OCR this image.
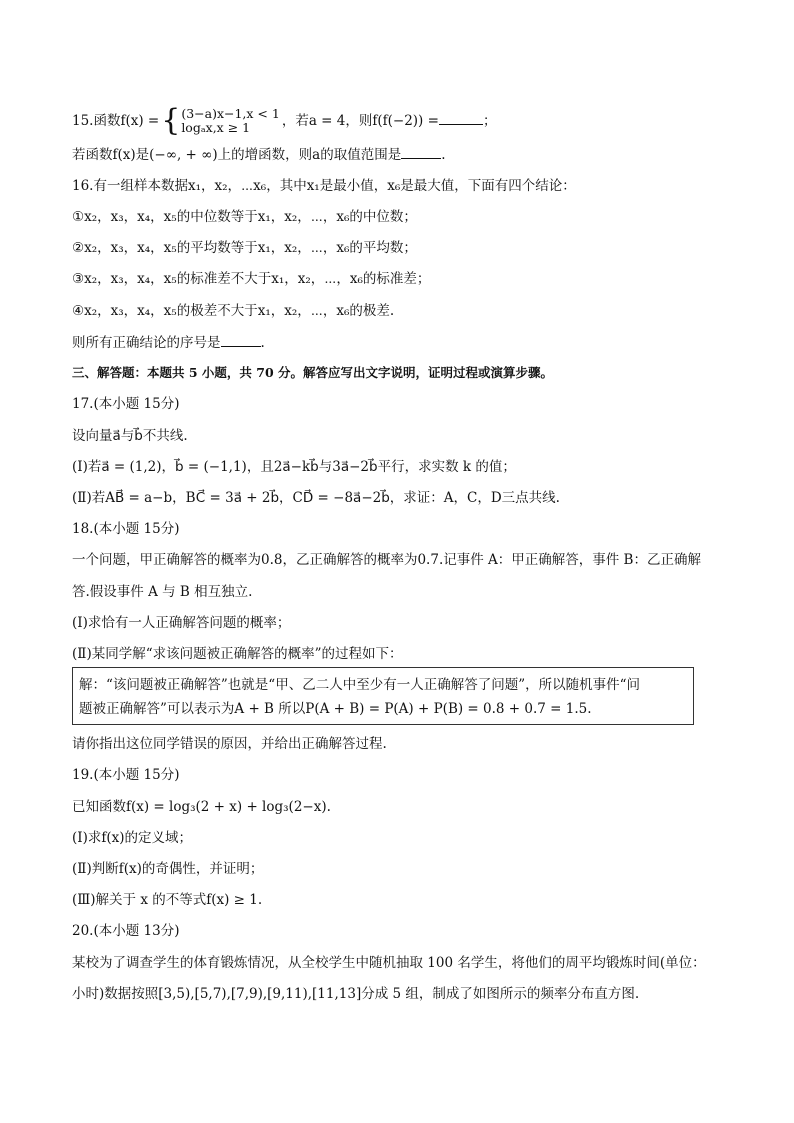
15.函数f(x) = { (3−a)x−1,x < 1
logₐx,x ≥ 1	，若a = 4，则f(f(−2)) =	；
若函数f(x)是(−∞, + ∞)上的增函数，则a的取值范围是	.
16.有一组样本数据x₁，x₂，⋯x₆，其中x₁是最小值，x₆是最大值，下面有四个结论：
①x₂，x₃，x₄，x₅的中位数等于x₁，x₂，⋯，x₆的中位数；
②x₂，x₃，x₄，x₅的平均数等于x₁，x₂，⋯，x₆的平均数；
③x₂，x₃，x₄，x₅的标准差不大于x₁，x₂，⋯，x₆的标准差；
④x₂，x₃，x₄，x₅的极差不大于x₁，x₂，⋯，x₆的极差.
则所有正确结论的序号是	.
三、解答题：本题共 5 小题，共 70 分。解答应写出文字说明，证明过程或演算步骤。
17.(本小题 15分)
设向量a⃗与b⃗不共线.
(Ⅰ)若a⃗ = (1,2)，b⃗ = (−1,1)，且2a⃗−kb⃗与3a⃗−2b⃗平行，求实数 k 的值；
(Ⅱ)若AB⃗ = a−b，BC⃗ = 3a⃗ + 2b⃗，CD⃗ = −8a⃗−2b⃗，求证：A，C，D三点共线.
18.(本小题 15分)
一个问题，甲正确解答的概率为0.8，乙正确解答的概率为0.7.记事件 A：甲正确解答，事件 B：乙正确解
答.假设事件 A 与 B 相互独立.
(Ⅰ)求恰有一人正确解答问题的概率；
(Ⅱ)某同学解“求该问题被正确解答的概率”的过程如下：
解：“该问题被正确解答”也就是“甲、乙二人中至少有一人正确解答了问题”，所以随机事件“问
题被正确解答”可以表示为A + B 所以P(A + B) = P(A) + P(B) = 0.8 + 0.7 = 1.5.
请你指出这位同学错误的原因，并给出正确解答过程.
19.(本小题 15分)
已知函数f(x) = log₃(2 + x) + log₃(2−x).
(Ⅰ)求f(x)的定义域；
(Ⅱ)判断f(x)的奇偶性，并证明；
(Ⅲ)解关于 x 的不等式f(x) ≥ 1.
20.(本小题 13分)
某校为了调查学生的体育锻炼情况，从全校学生中随机抽取 100 名学生，将他们的周平均锻炼时间(单位：
小时)数据按照[3,5),[5,7),[7,9),[9,11),[11,13]分成 5 组，制成了如图所示的频率分布直方图.
